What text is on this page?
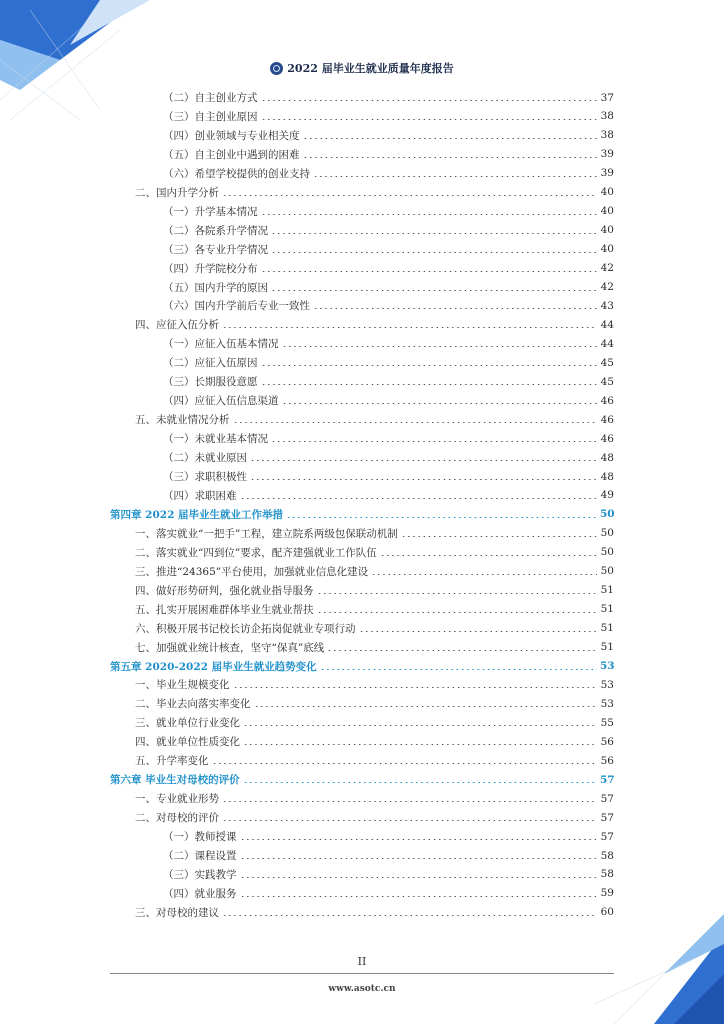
2022 届毕业生就业质量年度报告
（二）自主创业方式	37
（三）自主创业原因	38
（四）创业领域与专业相关度	38
（五）自主创业中遇到的困难	39
（六）希望学校提供的创业支持	39
二、国内升学分析	40
（一）升学基本情况	40
（二）各院系升学情况	40
（三）各专业升学情况	40
（四）升学院校分布	42
（五）国内升学的原因	42
（六）国内升学前后专业一致性	43
四、应征入伍分析	44
（一）应征入伍基本情况	44
（二）应征入伍原因	45
（三）长期服役意愿	45
（四）应征入伍信息渠道	46
五、未就业情况分析	46
（一）未就业基本情况	46
（二）未就业原因	48
（三）求职积极性	48
（四）求职困难	49
第四章 2022 届毕业生就业工作举措	50
一、落实就业“一把手”工程，建立院系两级包保联动机制	50
二、落实就业“四到位”要求，配齐建强就业工作队伍	50
三、推进“24365”平台使用，加强就业信息化建设	50
四、做好形势研判，强化就业指导服务	51
五、扎实开展困难群体毕业生就业帮扶	51
六、积极开展书记校长访企拓岗促就业专项行动	51
七、加强就业统计核查，坚守“保真”底线	51
第五章 2020-2022 届毕业生就业趋势变化	53
一、毕业生规模变化	53
二、毕业去向落实率变化	53
三、就业单位行业变化	55
四、就业单位性质变化	56
五、升学率变化	56
第六章 毕业生对母校的评价	57
一、专业就业形势	57
二、对母校的评价	57
（一）教师授课	57
（二）课程设置	58
（三）实践教学	58
（四）就业服务	59
三、对母校的建议	60
II
www.asotc.cn
